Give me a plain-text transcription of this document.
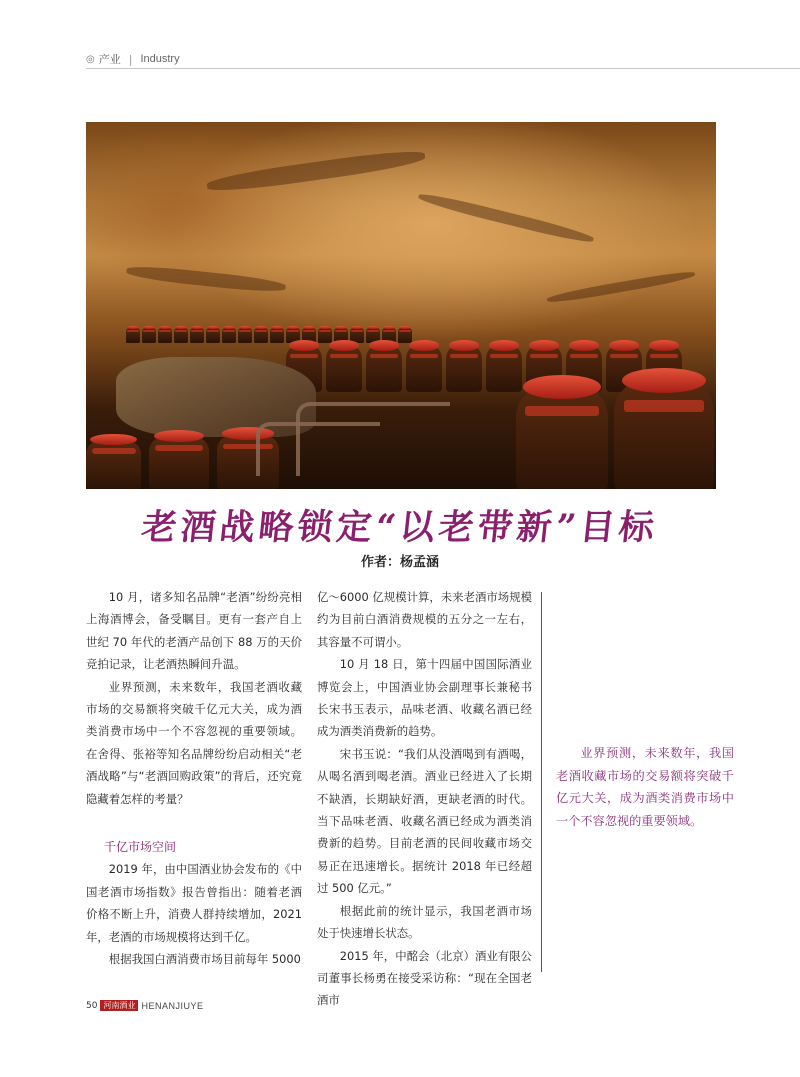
◎ 产业 | Industry
老酒战略锁定“以老带新”目标
作者：杨孟涵

10 月，诸多知名品牌“老酒”纷纷亮相上海酒博会，备受瞩目。更有一套产自上世纪 70 年代的老酒产品创下 88 万的天价竞拍记录，让老酒热瞬间升温。

业界预测，未来数年，我国老酒收藏市场的交易额将突破千亿元大关，成为酒类消费市场中一个不容忽视的重要领域。在舍得、张裕等知名品牌纷纷启动相关“老酒战略”与“老酒回购政策”的背后，还究竟隐藏着怎样的考量？

千亿市场空间

2019 年，由中国酒业协会发布的《中国老酒市场指数》报告曾指出：随着老酒价格不断上升，消费人群持续增加，2021 年，老酒的市场规模将达到千亿。

根据我国白酒消费市场目前每年 5000

亿～6000 亿规模计算，未来老酒市场规模约为目前白酒消费规模的五分之一左右，其容量不可谓小。

10 月 18 日，第十四届中国国际酒业博览会上，中国酒业协会副理事长兼秘书长宋书玉表示，品味老酒、收藏名酒已经成为酒类消费新的趋势。

宋书玉说：“我们从没酒喝到有酒喝，从喝名酒到喝老酒。酒业已经进入了长期不缺酒，长期缺好酒，更缺老酒的时代。当下品味老酒、收藏名酒已经成为酒类消费新的趋势。目前老酒的民间收藏市场交易正在迅速增长。据统计 2018 年已经超过 500 亿元。”

根据此前的统计显示，我国老酒市场处于快速增长状态。

2015 年，中酩会（北京）酒业有限公司董事长杨勇在接受采访称：“现在全国老酒市

业界预测，未来数年，我国老酒收藏市场的交易额将突破千亿元大关，成为酒类消费市场中一个不容忽视的重要领域。

50 河南酒业 HENANJIUYE
